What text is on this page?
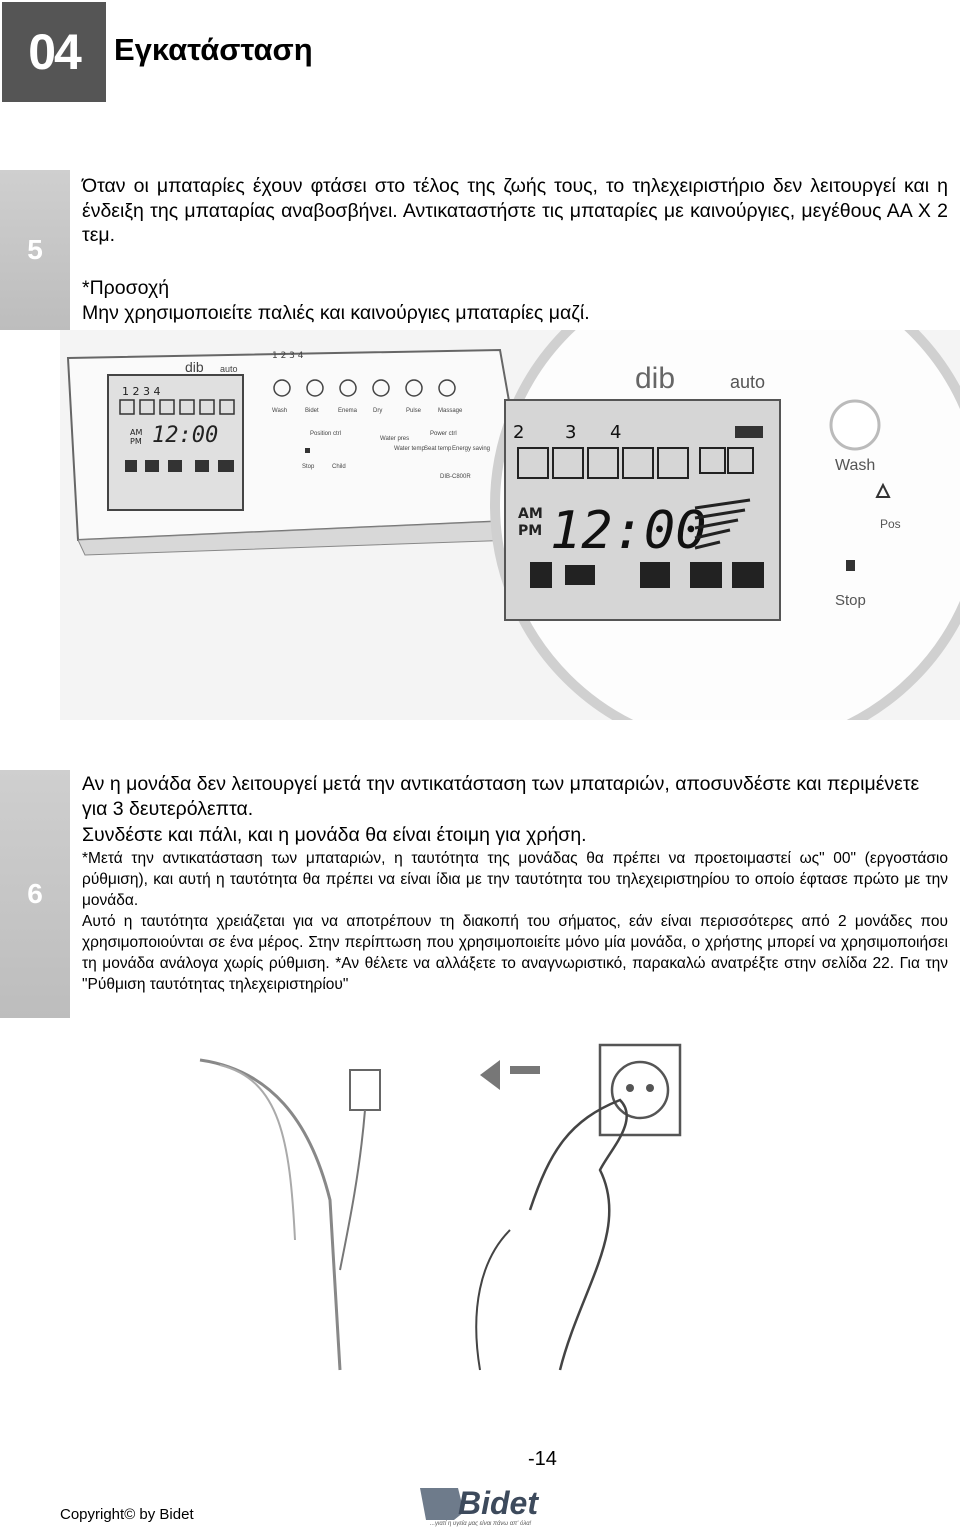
04	Εγκατάσταση
5
Όταν οι μπαταρίες έχουν φτάσει στο τέλος της ζωής τους, το τηλεχειριστήριο δεν λειτουργεί και η ένδειξη της μπαταρίας αναβοσβήνει. Αντικαταστήστε τις μπαταρίες με καινούργιες, μεγέθους ΑΑ Χ 2 τεμ.
*Προσοχή
Μην χρησιμοποιείτε παλιές και καινούργιες μπαταρίες μαζί.
dib auto
1 2 3 4
12:00
AM
PM
1 2 3 4
Wash	Bidet	Enema	Dry	Pulse	Massage
Position ctrl
Water pres
Power ctrl
Stop	Child
Water temp Seat temp Energy saving
DIB-C800R
dib	auto
2 3 4
12:00
AM
PM
Wash
Pos
Stop
6
Αν η μονάδα δεν λειτουργεί μετά την αντικατάσταση των μπαταριών, αποσυνδέστε και περιμένετε για 3 δευτερόλεπτα.
Συνδέστε και πάλι, και η μονάδα θα είναι έτοιμη για χρήση.
*Μετά την αντικατάσταση των μπαταριών, η ταυτότητα της μονάδας θα πρέπει να προετοιμαστεί ως" 00" (εργοστάσιο ρύθμιση), και αυτή η ταυτότητα θα πρέπει να είναι ίδια με την ταυτότητα του τηλεχειριστηρίου το οποίο έφτασε πρώτο με την μονάδα.
Αυτό η ταυτότητα χρειάζεται για να αποτρέπουν τη διακοπή του σήματος, εάν είναι περισσότερες από 2 μονάδες που χρησιμοποιούνται σε ένα μέρος. Στην περίπτωση που χρησιμοποιείτε μόνο μία μονάδα, ο χρήστης μπορεί να χρησιμοποιήσει τη μονάδα ανάλογα χωρίς ρύθμιση. *Αν θέλετε να αλλάξετε το αναγνωριστικό, παρακαλώ ανατρέξτε στην σελίδα 22. Για την "Ρύθμιση ταυτότητας τηλεχειριστηρίου"
-14
Copyright© by Bidet	Bidet
...γιατί η υγεία μας είναι πάνω απ' όλα!
